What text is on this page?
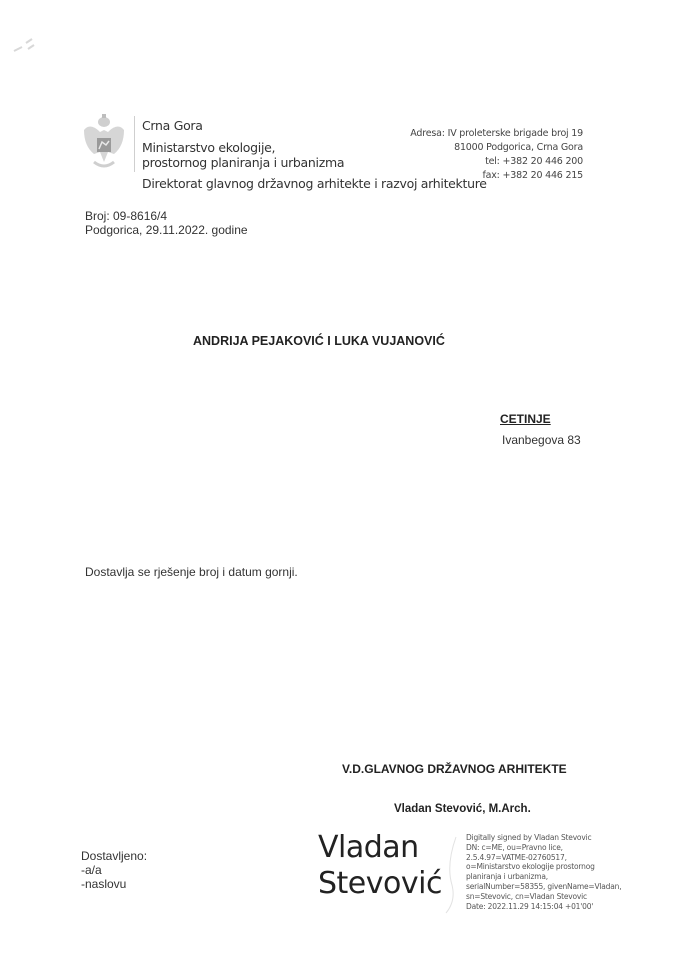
Crna Gora
Ministarstvo ekologije,
prostornog planiranja i urbanizma
Direktorat glavnog državnog arhitekte i razvoj arhitekture
Adresa: IV proleterske brigade broj 19
81000 Podgorica, Crna Gora
tel: +382 20 446 200
fax: +382 20 446 215
Broj: 09-8616/4
Podgorica, 29.11.2022. godine
ANDRIJA PEJAKOVIĆ I LUKA VUJANOVIĆ
CETINJE
Ivanbegova 83
Dostavlja se rješenje broj i datum gornji.
V.D.GLAVNOG DRŽAVNOG ARHITEKTE
Vladan Stevović, M.Arch.
Vladan
Stevović
Digitally signed by Vladan Stevovic
DN: c=ME, ou=Pravno lice,
2.5.4.97=VATME-02760517,
o=Ministarstvo ekologije prostornog
planiranja i urbanizma,
serialNumber=58355, givenName=Vladan,
sn=Stevovic, cn=Vladan Stevovic
Date: 2022.11.29 14:15:04 +01'00'
Dostavljeno:
-a/a
-naslovu
